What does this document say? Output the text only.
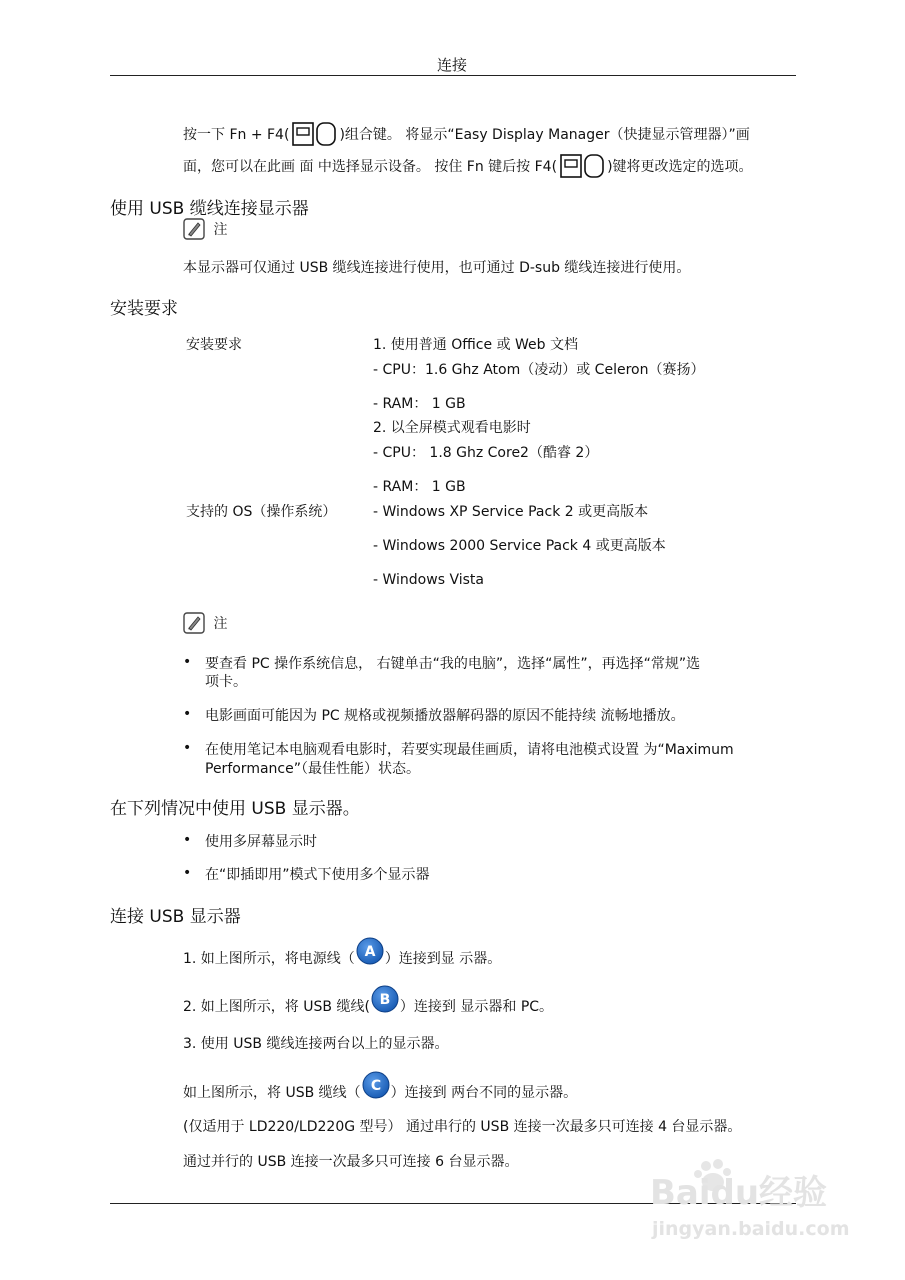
连接
按一下 Fn + F4(	)组合键。 将显示“Easy Display Manager（快捷显示管理器）”画
面，您可以在此画 面 中选择显示设备。 按住 Fn 键后按 F4(	)键将更改选定的选项。
使用 USB 缆线连接显示器
注
本显示器可仅通过 USB 缆线连接进行使用，也可通过 D-sub 缆线连接进行使用。
安装要求
安装要求	1. 使用普通 Office 或 Web 文档
- CPU：1.6 Ghz Atom（凌动）或 Celeron（赛扬）
- RAM： 1 GB
2. 以全屏模式观看电影时
- CPU： 1.8 Ghz Core2（酷睿 2）
- RAM： 1 GB
支持的 OS（操作系统）	- Windows XP Service Pack 2 或更高版本
- Windows 2000 Service Pack 4 或更高版本
- Windows Vista
注
• 要查看 PC 操作系统信息， 右键单击“我的电脑”，选择“属性”，再选择“常规”选
项卡。
• 电影画面可能因为 PC 规格或视频播放器解码器的原因不能持续 流畅地播放。
• 在使用笔记本电脑观看电影时，若要实现最佳画质，请将电池模式设置 为“Maximum
Performance”（最佳性能）状态。
在下列情况中使用 USB 显示器。
• 使用多屏幕显示时
• 在“即插即用”模式下使用多个显示器
连接 USB 显示器
1. 如上图所示，将电源线（ A ）连接到显 示器。
2. 如上图所示，将 USB 缆线( B ）连接到 显示器和 PC。
3. 使用 USB 缆线连接两台以上的显示器。
如上图所示，将 USB 缆线（ C ）连接到 两台不同的显示器。
(仅适用于 LD220/LD220G 型号） 通过串行的 USB 连接一次最多只可连接 4 台显示器。
通过并行的 USB 连接一次最多只可连接 6 台显示器。
Baidu经验
jingyan.baidu.com
